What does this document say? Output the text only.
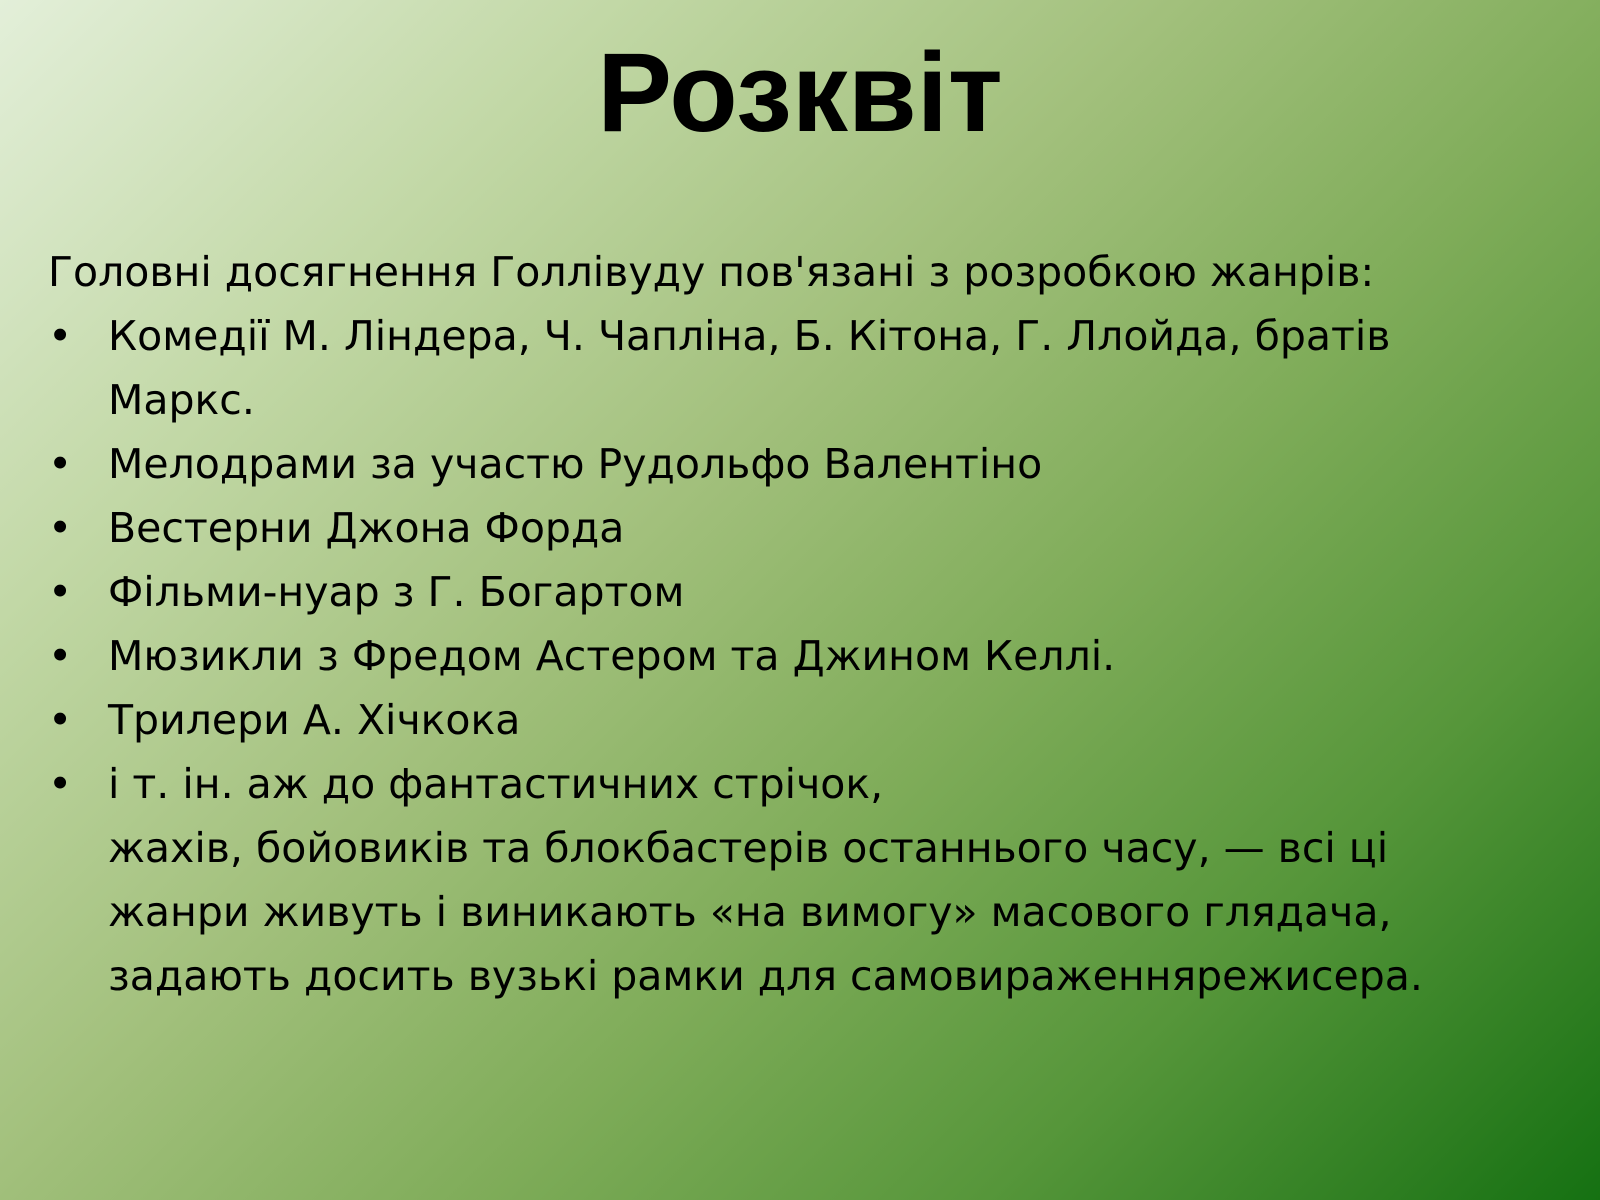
Розквіт

Головні досягнення Голлівуду пов'язані з розробкою жанрів:

• Комедії М. Ліндера, Ч. Чапліна, Б. Кітона, Г. Ллойда, братів
Маркс.
• Мелодрами за участю Рудольфо Валентіно
• Вестерни Джона Форда
• Фільми-нуар з Г. Богартом
• Мюзикли з Фредом Астером та Джином Келлі.
• Трилери А. Хічкока
• і т. ін. аж до фантастичних стрічок,
жахів, бойовиків та блокбастерів останнього часу, — всі ці
жанри живуть і виникають «на вимогу» масового глядача,
задають досить вузькі рамки для самовираженнярежисера.
